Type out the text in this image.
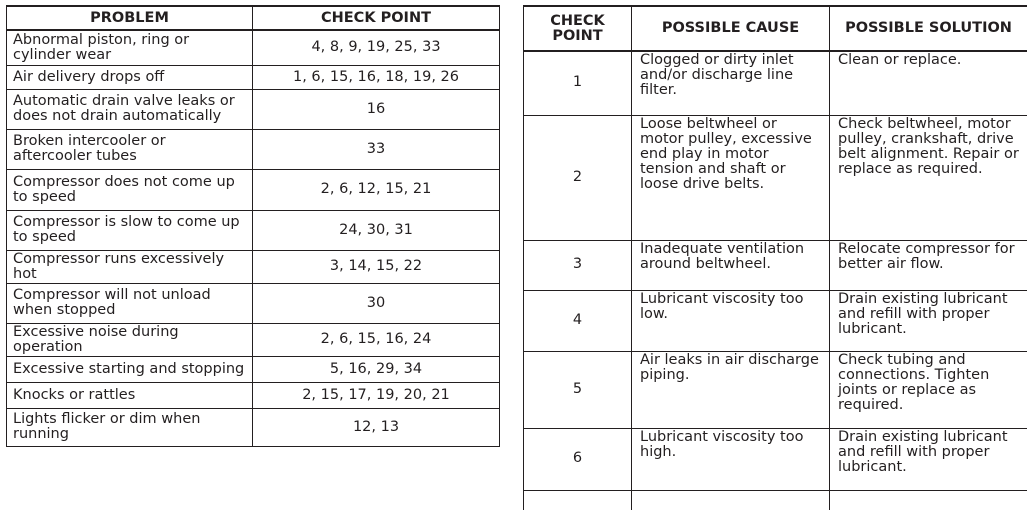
PROBLEM	CHECK POINT
Abnormal piston, ring or cylinder wear	4, 8, 9, 19, 25, 33
Air delivery drops off	1, 6, 15, 16, 18, 19, 26
Automatic drain valve leaks or does not drain automatically	16
Broken intercooler or aftercooler tubes	33
Compressor does not come up to speed	2, 6, 12, 15, 21
Compressor is slow to come up to speed	24, 30, 31
Compressor runs excessively hot	3, 14, 15, 22
Compressor will not unload when stopped	30
Excessive noise during operation	2, 6, 15, 16, 24
Excessive starting and stopping	5, 16, 29, 34
Knocks or rattles	2, 15, 17, 19, 20, 21
Lights flicker or dim when running	12, 13
CHECK
POINT	POSSIBLE CAUSE	POSSIBLE SOLUTION
1	Clogged or dirty inlet and/or discharge line filter.	Clean or replace.
2	Loose beltwheel or motor pulley, excessive end play in motor tension and shaft or loose drive belts.	Check beltwheel, motor pulley, crankshaft, drive belt alignment. Repair or replace as required.
3	Inadequate ventilation around beltwheel.	Relocate compressor for better air flow.
4	Lubricant viscosity too low.	Drain existing lubricant and refill with proper lubricant.
5	Air leaks in air discharge piping.	Check tubing and connections. Tighten joints or replace as required.
6	Lubricant viscosity too high.	Drain existing lubricant and refill with proper lubricant.
